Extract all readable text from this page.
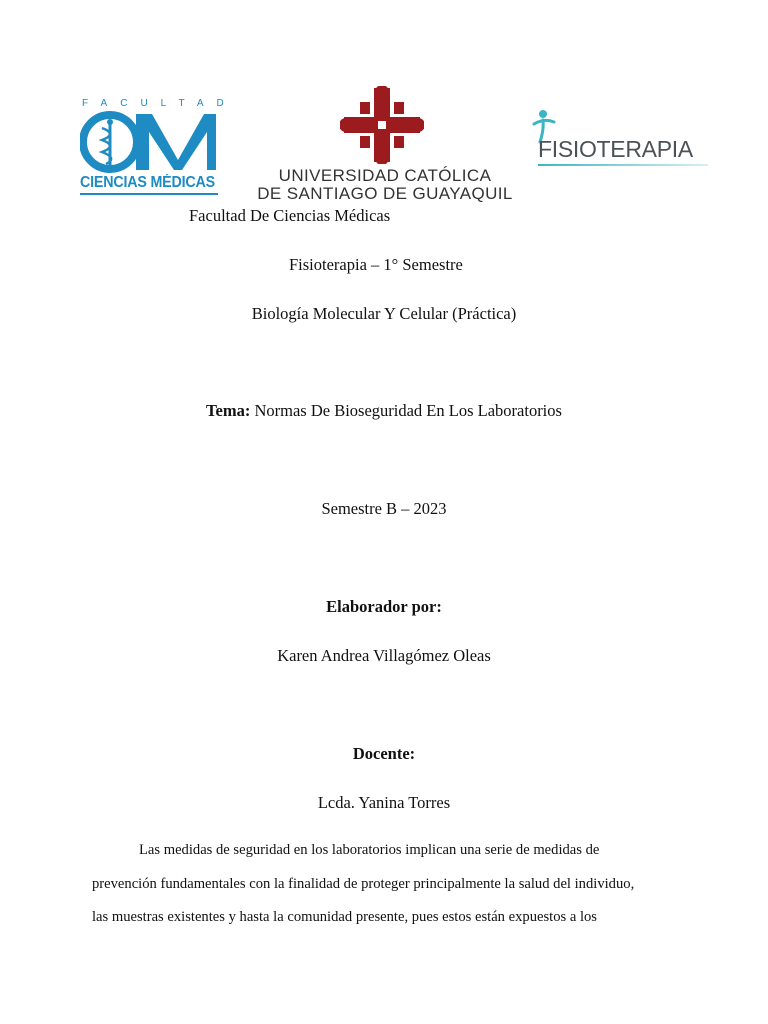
FACULTAD
CIENCIAS MÉDICAS	UNIVERSIDAD CATÓLICA
DE SANTIAGO DE GUAYAQUIL
FISIOTERAPIA
Facultad De Ciencias Médicas
Fisioterapia – 1° Semestre
Biología Molecular Y Celular (Práctica)
Tema: Normas De Bioseguridad En Los Laboratorios
Semestre B – 2023
Elaborador por:
Karen Andrea Villagómez Oleas
Docente:
Lcda. Yanina Torres
Las medidas de seguridad en los laboratorios implican una serie de medidas de
prevención fundamentales con la finalidad de proteger principalmente la salud del individuo,
las muestras existentes y hasta la comunidad presente, pues estos están expuestos a los
